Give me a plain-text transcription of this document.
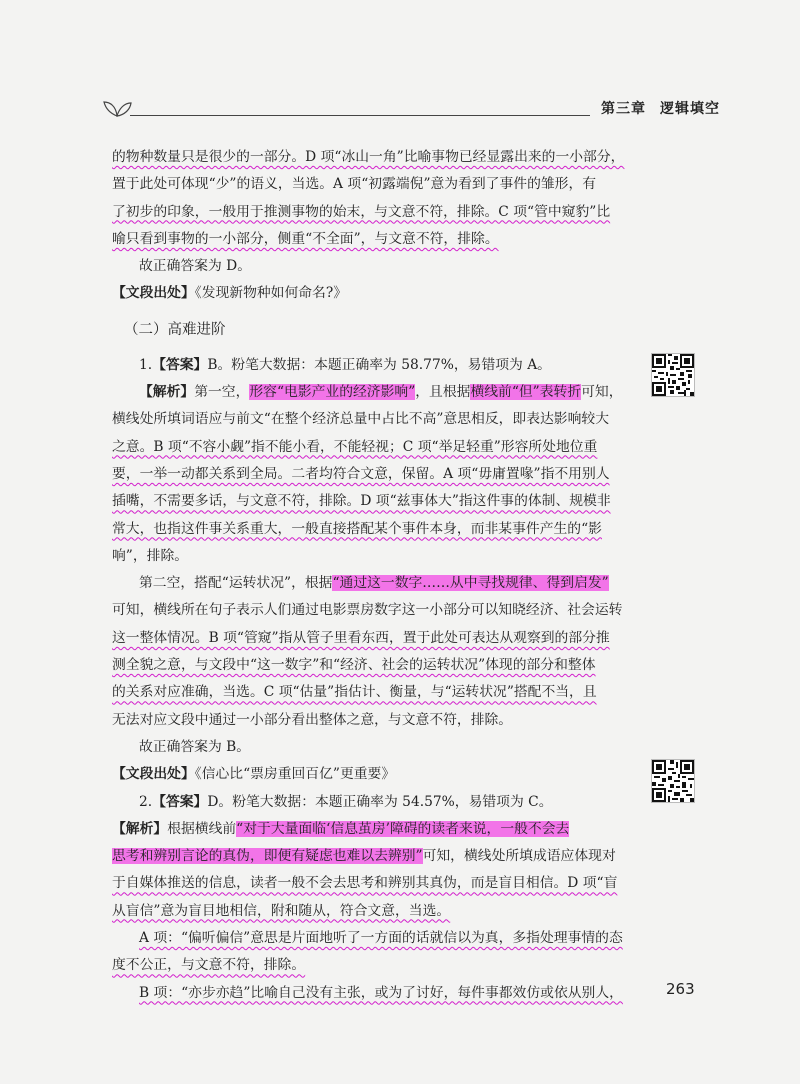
第三章 逻辑填空
的物种数量只是很少的一部分。D 项“冰山一角”比喻事物已经显露出来的一小部分，
置于此处可体现“少”的语义，当选。A 项“初露端倪”意为看到了事件的雏形，有
了初步的印象，一般用于推测事物的始末，与文意不符，排除。C 项“管中窥豹”比
喻只看到事物的一小部分，侧重“不全面”，与文意不符，排除。
故正确答案为 D。
【文段出处】《发现新物种如何命名?》
（二）高难进阶
1.【答案】B。粉笔大数据：本题正确率为 58.77%，易错项为 A。
【解析】第一空，形容“电影产业的经济影响”，且根据横线前“但”表转折可知，
横线处所填词语应与前文“在整个经济总量中占比不高”意思相反，即表达影响较大
之意。B 项“不容小觑”指不能小看，不能轻视；C 项“举足轻重”形容所处地位重
要，一举一动都关系到全局。二者均符合文意，保留。A 项“毋庸置喙”指不用别人
插嘴，不需要多话，与文意不符，排除。D 项“兹事体大”指这件事的体制、规模非
常大，也指这件事关系重大，一般直接搭配某个事件本身，而非某事件产生的“影
响”，排除。
第二空，搭配“运转状况”，根据“通过这一数字……从中寻找规律、得到启发”
可知，横线所在句子表示人们通过电影票房数字这一小部分可以知晓经济、社会运转
这一整体情况。B 项“管窥”指从管子里看东西，置于此处可表达从观察到的部分推
测全貌之意，与文段中“这一数字”和“经济、社会的运转状况”体现的部分和整体
的关系对应准确，当选。C 项“估量”指估计、衡量，与“运转状况”搭配不当，且
无法对应文段中通过一小部分看出整体之意，与文意不符，排除。
故正确答案为 B。
【文段出处】《信心比“票房重回百亿”更重要》
2.【答案】D。粉笔大数据：本题正确率为 54.57%，易错项为 C。
【解析】根据横线前“对于大量面临‘信息茧房’障碍的读者来说，一般不会去
思考和辨别言论的真伪，即便有疑虑也难以去辨别”可知，横线处所填成语应体现对
于自媒体推送的信息，读者一般不会去思考和辨别其真伪，而是盲目相信。D 项“盲
从盲信”意为盲目地相信，附和随从，符合文意，当选。
A 项：“偏听偏信”意思是片面地听了一方面的话就信以为真，多指处理事情的态
度不公正，与文意不符，排除。
B 项：“亦步亦趋”比喻自己没有主张，或为了讨好，每件事都效仿或依从别人，	263
